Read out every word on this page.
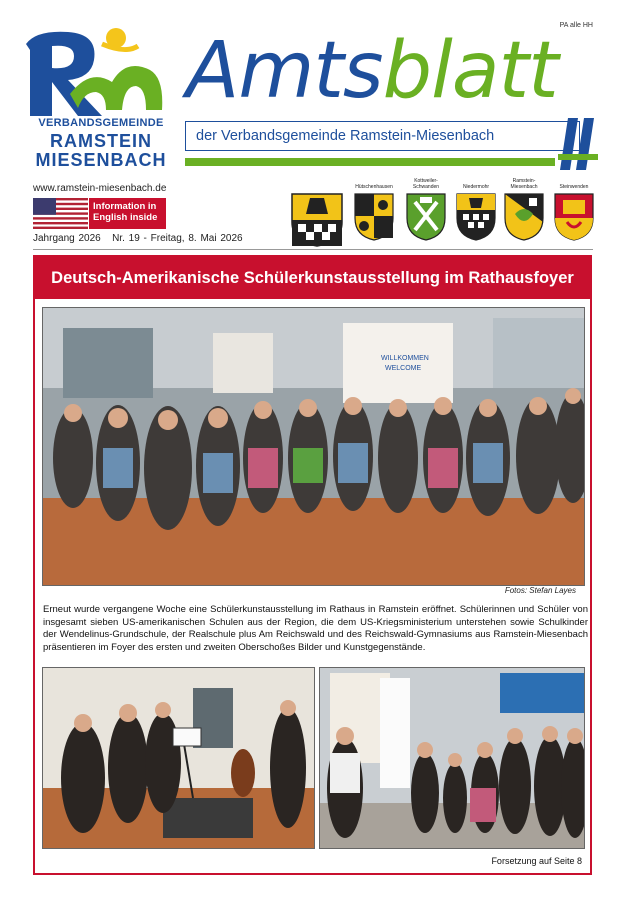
PA alle HH
VERBANDSGEMEINDE
RAMSTEIN
MIESENBACH
Amtsblatt
der Verbandsgemeinde Ramstein-Miesenbach
www.ramstein-miesenbach.de
Information in
English inside
Jahrgang 2026 Nr. 19 - Freitag, 8. Mai 2026
Hütschenhausen
Kottweiler-Schwanden	Niedermohr
Ramstein-Miesenbach	Steinwenden
Deutsch-Amerikanische Schülerkunstausstellung im Rathausfoyer
WILLKOMMEN
WELCOME
Fotos: Stefan Layes

Erneut wurde vergangene Woche eine Schülerkunstausstellung im Rathaus in Ramstein eröffnet. Schülerinnen und Schüler von insgesamt sieben US-amerikanischen Schulen aus der Region, die dem US-Kriegsministerium unterstehen sowie Schulkinder der Wendelinus-Grundschule, der Realschule plus Am Reichswald und des Reichswald-Gymnasiums aus Ramstein-Miesenbach präsentieren im Foyer des ersten und zweiten Oberschoßes Bilder und Kunstgegenstände.

Forsetzung auf Seite 8
